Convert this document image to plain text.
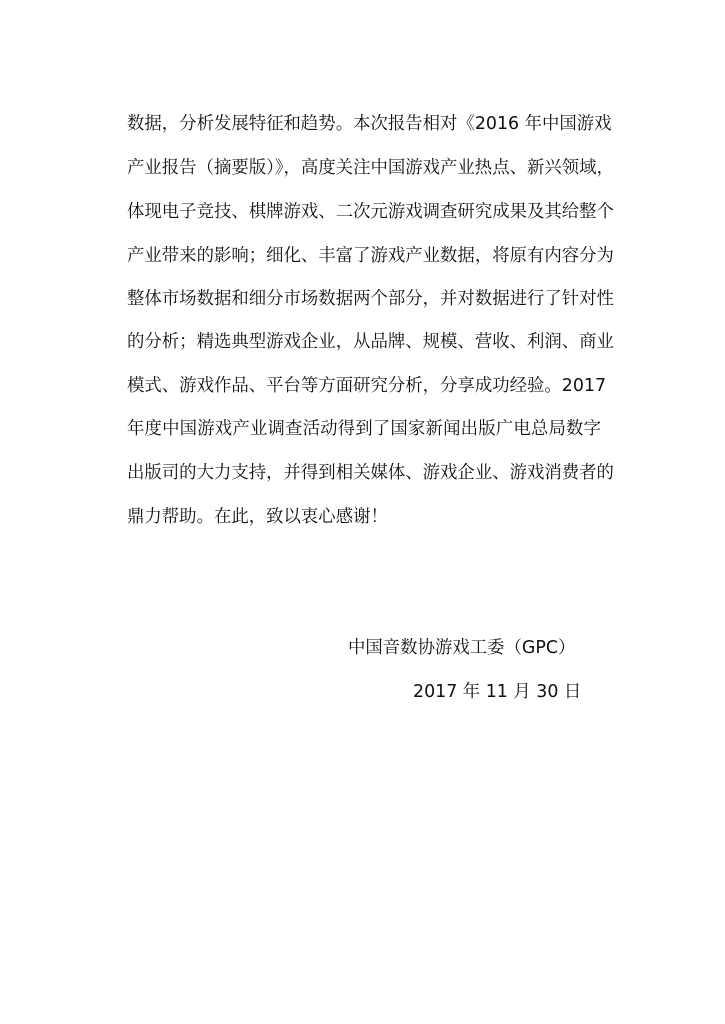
数据，分析发展特征和趋势。本次报告相对《2016 年中国游戏
产业报告（摘要版）》，高度关注中国游戏产业热点、新兴领域，
体现电子竞技、棋牌游戏、二次元游戏调查研究成果及其给整个
产业带来的影响；细化、丰富了游戏产业数据，将原有内容分为
整体市场数据和细分市场数据两个部分，并对数据进行了针对性
的分析；精选典型游戏企业，从品牌、规模、营收、利润、商业
模式、游戏作品、平台等方面研究分析，分享成功经验。2017
年度中国游戏产业调查活动得到了国家新闻出版广电总局数字
出版司的大力支持，并得到相关媒体、游戏企业、游戏消费者的
鼎力帮助。在此，致以衷心感谢！
中国音数协游戏工委（GPC）
2017 年 11 月 30 日
